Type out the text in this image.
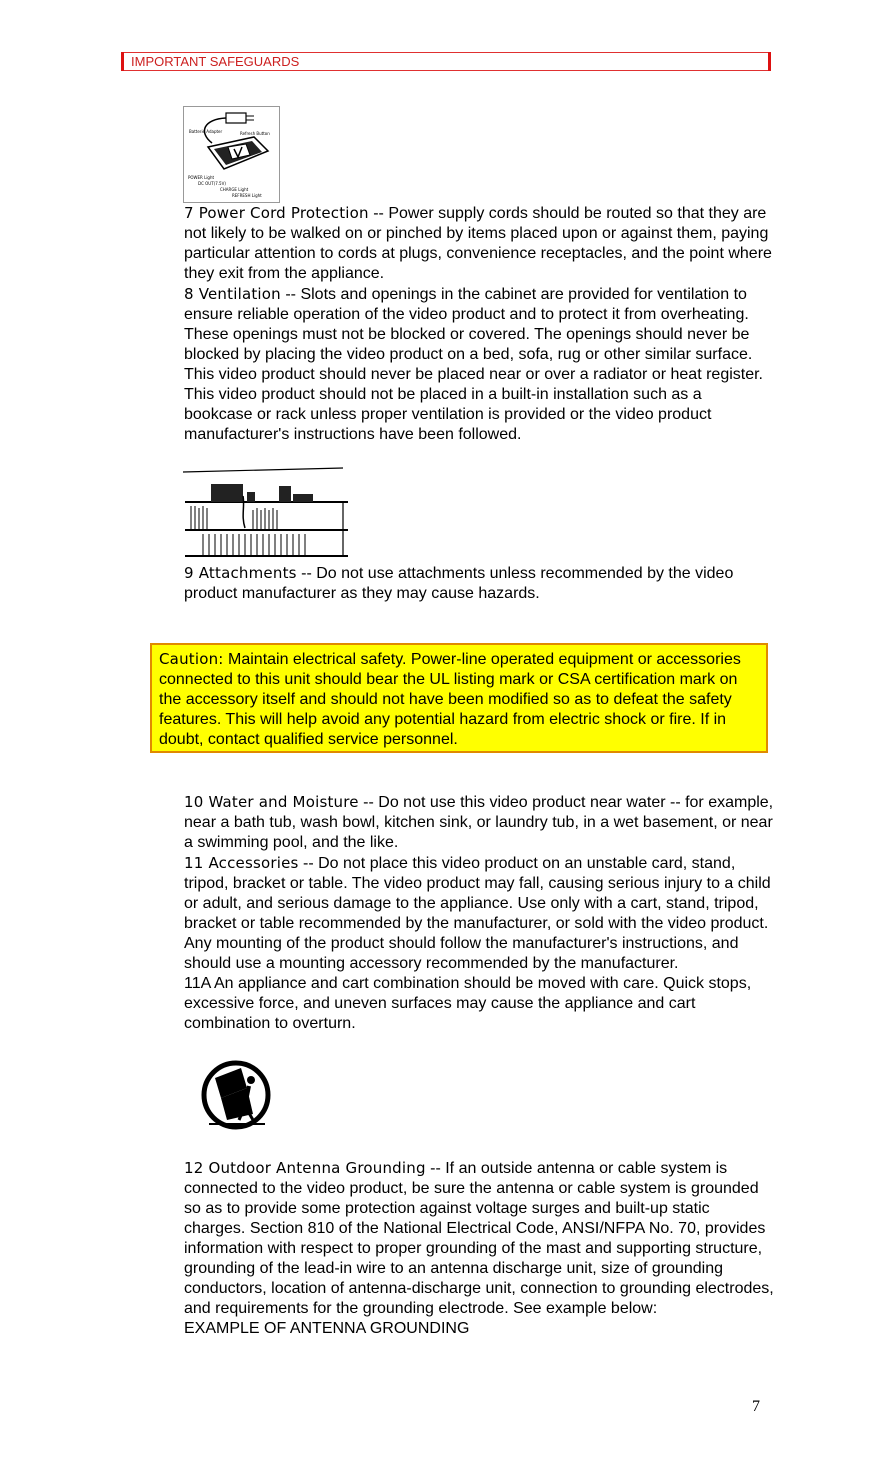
IMPORTANT SAFEGUARDS
Batterie Adapter	Refresh Button
POWER Light
DC OUT(7.5V)
CHARGE Light
REFRESH Light

7 Power Cord Protection -- Power supply cords should be routed so that they are not likely to be walked on or pinched by items placed upon or against them, paying particular attention to cords at plugs, convenience receptacles, and the point where they exit from the appliance.

8 Ventilation -- Slots and openings in the cabinet are provided for ventilation to ensure reliable operation of the video product and to protect it from overheating. These openings must not be blocked or covered. The openings should never be blocked by placing the video product on a bed, sofa, rug or other similar surface. This video product should never be placed near or over a radiator or heat register. This video product should not be placed in a built-in installation such as a bookcase or rack unless proper ventilation is provided or the video product manufacturer's instructions have been followed.

9 Attachments -- Do not use attachments unless recommended by the video product manufacturer as they may cause hazards.

Caution: Maintain electrical safety. Power-line operated equipment or accessories connected to this unit should bear the UL listing mark or CSA certification mark on the accessory itself and should not have been modified so as to defeat the safety features. This will help avoid any potential hazard from electric shock or fire. If in doubt, contact qualified service personnel.

10 Water and Moisture -- Do not use this video product near water -- for example, near a bath tub, wash bowl, kitchen sink, or laundry tub, in a wet basement, or near a swimming pool, and the like.

11 Accessories -- Do not place this video product on an unstable card, stand, tripod, bracket or table. The video product may fall, causing serious injury to a child or adult, and serious damage to the appliance. Use only with a cart, stand, tripod, bracket or table recommended by the manufacturer, or sold with the video product. Any mounting of the product should follow the manufacturer's instructions, and should use a mounting accessory recommended by the manufacturer.

11A An appliance and cart combination should be moved with care. Quick stops, excessive force, and uneven surfaces may cause the appliance and cart combination to overturn.

12 Outdoor Antenna Grounding -- If an outside antenna or cable system is connected to the video product, be sure the antenna or cable system is grounded so as to provide some protection against voltage surges and built-up static charges. Section 810 of the National Electrical Code, ANSI/NFPA No. 70, provides information with respect to proper grounding of the mast and supporting structure, grounding of the lead-in wire to an antenna discharge unit, size of grounding conductors, location of antenna-discharge unit, connection to grounding electrodes, and requirements for the grounding electrode. See example below:

EXAMPLE OF ANTENNA GROUNDING

7
